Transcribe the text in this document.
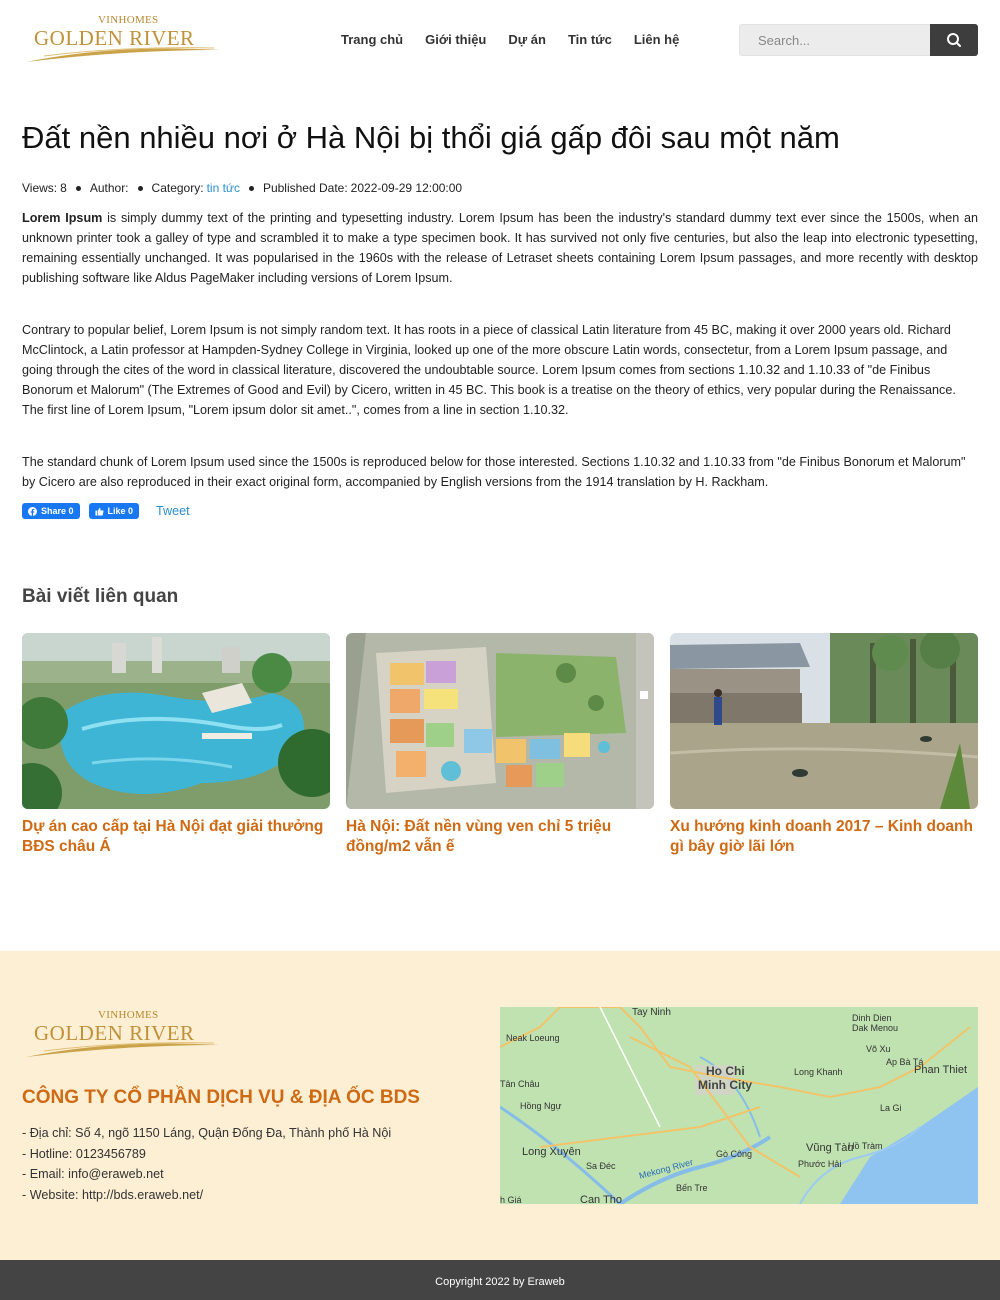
VINHOMES
GOLDEN RIVER	Trang chủ	Giới thiệu	Dự án	Tin tức	Liên hệ
Search...
Đất nền nhiều nơi ở Hà Nội bị thổi giá gấp đôi sau một năm
Views: 8 Author: Category: tin tức Published Date: 2022-09-29 12:00:00
Lorem Ipsum is simply dummy text of the printing and typesetting industry. Lorem Ipsum has been the industry's standard dummy text ever since the 1500s, when an unknown printer took a galley of type and scrambled it to make a type specimen book. It has survived not only five centuries, but also the leap into electronic typesetting, remaining essentially unchanged. It was popularised in the 1960s with the release of Letraset sheets containing Lorem Ipsum passages, and more recently with desktop publishing software like Aldus PageMaker including versions of Lorem Ipsum.
Contrary to popular belief, Lorem Ipsum is not simply random text. It has roots in a piece of classical Latin literature from 45 BC, making it over 2000 years old. Richard McClintock, a Latin professor at Hampden-Sydney College in Virginia, looked up one of the more obscure Latin words, consectetur, from a Lorem Ipsum passage, and going through the cites of the word in classical literature, discovered the undoubtable source. Lorem Ipsum comes from sections 1.10.32 and 1.10.33 of "de Finibus Bonorum et Malorum" (The Extremes of Good and Evil) by Cicero, written in 45 BC. This book is a treatise on the theory of ethics, very popular during the Renaissance. The first line of Lorem Ipsum, "Lorem ipsum dolor sit amet..", comes from a line in section 1.10.32.
The standard chunk of Lorem Ipsum used since the 1500s is reproduced below for those interested. Sections 1.10.32 and 1.10.33 from "de Finibus Bonorum et Malorum" by Cicero are also reproduced in their exact original form, accompanied by English versions from the 1914 translation by H. Rackham.
Share 0	Like 0 Tweet
Bài viết liên quan
Dự án cao cấp tại Hà Nội đạt giải thưởng BĐS châu Á
Hà Nội: Đất nền vùng ven chỉ 5 triệu đồng/m2 vẫn ế
Xu hướng kinh doanh 2017 – Kinh doanh gì bây giờ lãi lớn
VINHOMES
GOLDEN RIVER
CÔNG TY CỔ PHẦN DỊCH VỤ & ĐỊA ỐC BDS
- Địa chỉ: Số 4, ngõ 1150 Láng, Quận Đống Đa, Thành phố Hà Nội
- Hotline: 0123456789
- Email: info@eraweb.net
- Website: http://bds.eraweb.net/
Tay Ninh	Dinh Dien
Dak Menou
Neak Loeung
Ho Chi
Minh City
Võ Xu
Ap Bà Tá
Tân Châu
Long Khanh	Phan Thiet
Hồng Ngự	La Gi
Long Xuyên	Gò Công	Vũng Tàu
Hồ Tràm
Sa Đéc	Phước Hải
Mekong River
Bến Tre
Can Tho
h Giá
Copyright 2022 by Eraweb
